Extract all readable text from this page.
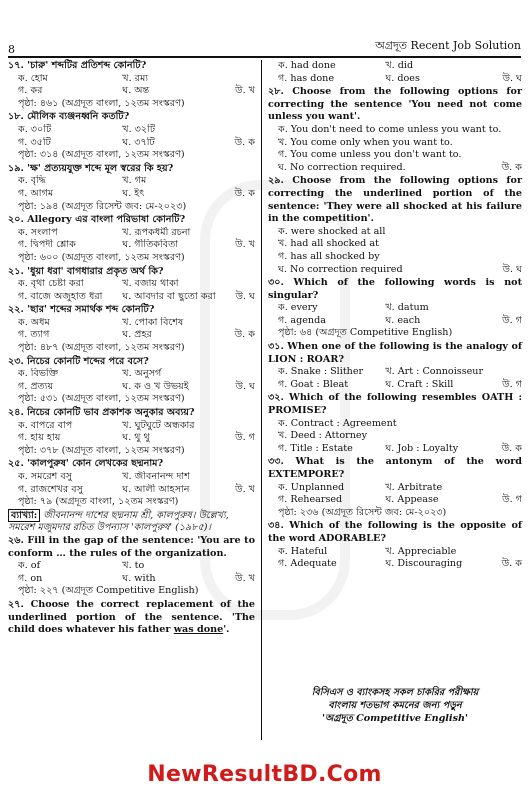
8	অগ্রদূত Recent Job Solution
১৭. 'চারু' শব্দটির প্রতিশব্দ কোনটি?
ক. হোম	খ. রম্য
গ. কর	ঘ. অন্ত	উ. খ
পৃষ্ঠা: ৪৬১ (অগ্রদূত বাংলা, ১২তম সংস্করণ)
১৮. মৌলিক ব্যঞ্জনধ্বনি কতটি?
ক. ৩০টি	খ. ৩২টি
গ. ৩৫টি	ঘ. ৩৭টি	উ. ক
পৃষ্ঠা: ৩১৪ (অগ্রদূত বাংলা, ১২তম সংস্করণ)
১৯. 'ক্ষ' প্রত্যয়যুক্ত শব্দে মূল স্বরের কি হয়?
ক. বৃদ্ধি	খ. গম
গ. আগম	ঘ. ইৎ	উ. ক
পৃষ্ঠা: ১৯৪ (অগ্রদূত রিসেন্ট জব: মে-২০২৩)
২০. Allegory এর বাংলা পরিভাষা কোনটি?
ক. সংলাপ	খ. রূপকধর্মী রচনা
গ. দ্বিপদী শ্লোক	ঘ. গীতিকবিতা	উ. খ
পৃষ্ঠা: ৬০০ (অগ্রদূত বাংলা, ১২তম সংস্করণ)
২১. 'ধুয়া ধরা' বাগধারার প্রকৃত অর্থ কি?
ক. বৃথা চেষ্টা করা	খ. বজায় থাকা
গ. বাজে অজুহাত ধরা	ঘ. আবদার বা ছুতো করা	উ. ঘ
২২. 'ছার' শব্দের সমার্থক শব্দ কোনটি?
ক. অধম	খ. পোকা বিশেষ
গ. ত্যাগ	ঘ. প্রহর	উ. ক
পৃষ্ঠা: ৪৮৭ (অগ্রদূত বাংলা, ১২তম সংস্করণ)
২৩. নিচের কোনটি শব্দের পরে বসে?
ক. বিভক্তি	খ. অনুসর্গ
গ. প্রত্যয়	ঘ. ক ও খ উভয়ই	উ. ঘ
পৃষ্ঠা: ৫৩১ (অগ্রদূত বাংলা, ১২তম সংস্করণ)
২৪. নিচের কোনটি ভাব প্রকাশক অনুকার অব্যয়?
ক. বাপরে বাপ	খ. ঘুটঘুটে অন্ধকার
গ. হায় হায়	ঘ. থু থু	উ. গ
পৃষ্ঠা: ৩৭৮ (অগ্রদূত বাংলা, ১২তম সংস্করণ)
২৫. 'কালপুরুষ' কোন লেখকের ছদ্মনাম?
ক. সমরেশ বসু	খ. জীবনানন্দ দাশ
গ. রাজশেখর বসু	ঘ. আলী আহসান	উ. খ
পৃষ্ঠা: ৭৯ (অগ্রদূত বাংলা, ১২তম সংস্করণ)
ব্যাখ্যা: জীবনানন্দ দাশের ছদ্মনাম শ্রী, কালপুরুষ। উল্লেখ্য, সমরেশ মজুমদার রচিত উপন্যাস 'কালপুরুষ' (১৯৮৫)।
২৬. Fill in the gap of the sentence: 'You are to conform … the rules of the organization.
ক. of	খ. to
গ. on	ঘ. with	উ. খ
পৃষ্ঠা: ২২৭ (অগ্রদূত Competitive English)
২৭. Choose the correct replacement of the underlined portion of the sentence. 'The child does whatever his father was done'.
ক. had done	খ. did
গ. has done	ঘ. does	উ. ঘ
২৮. Choose from the following options for correcting the sentence 'You need not come unless you want'.
ক. You don't need to come unless you want to.
খ. You come only when you want to.
গ. You come unless you don't want to.
ঘ. No correction required.	উ. ক
২৯. Choose from the following options for correcting the underlined portion of the sentence: 'They were all shocked at his failure in the competition'.
ক. were shocked at all
খ. had all shocked at
গ. has all shocked by
ঘ. No correction required	উ. ঘ
৩০. Which of the following words is not singular?
ক. every	খ. datum
গ. agenda	ঘ. each	উ. গ
পৃষ্ঠা: ৬৪ (অগ্রদূত Competitive English)
৩১. When one of the following is the analogy of LION : ROAR?
ক. Snake : Slither	খ. Art : Connoisseur
গ. Goat : Bleat	ঘ. Craft : Skill	উ. গ
৩২. Which of the following resembles OATH : PROMISE?
ক. Contract : Agreement
খ. Deed : Attorney
গ. Title : Estate	ঘ. Job : Loyalty	উ. ক
৩৩. What is the antonym of the word EXTEMPORE?
ক. Unplanned	খ. Arbitrate
গ. Rehearsed	ঘ. Appease	উ. গ
পৃষ্ঠা: ২৩৬ (অগ্রদূত রিসেন্ট জব: মে-২০২৩)
৩৪. Which of the following is the opposite of the word ADORABLE?
ক. Hateful	খ. Appreciable
গ. Adequate	ঘ. Discouraging	উ. ক
বিসিএস ও ব্যাংকসহ সকল চাকরির পরীক্ষায়
বাংলায় শতভাগ কমনের জন্য পড়ুন
'অগ্রদূত Competitive English'
NewResultBD.Com
